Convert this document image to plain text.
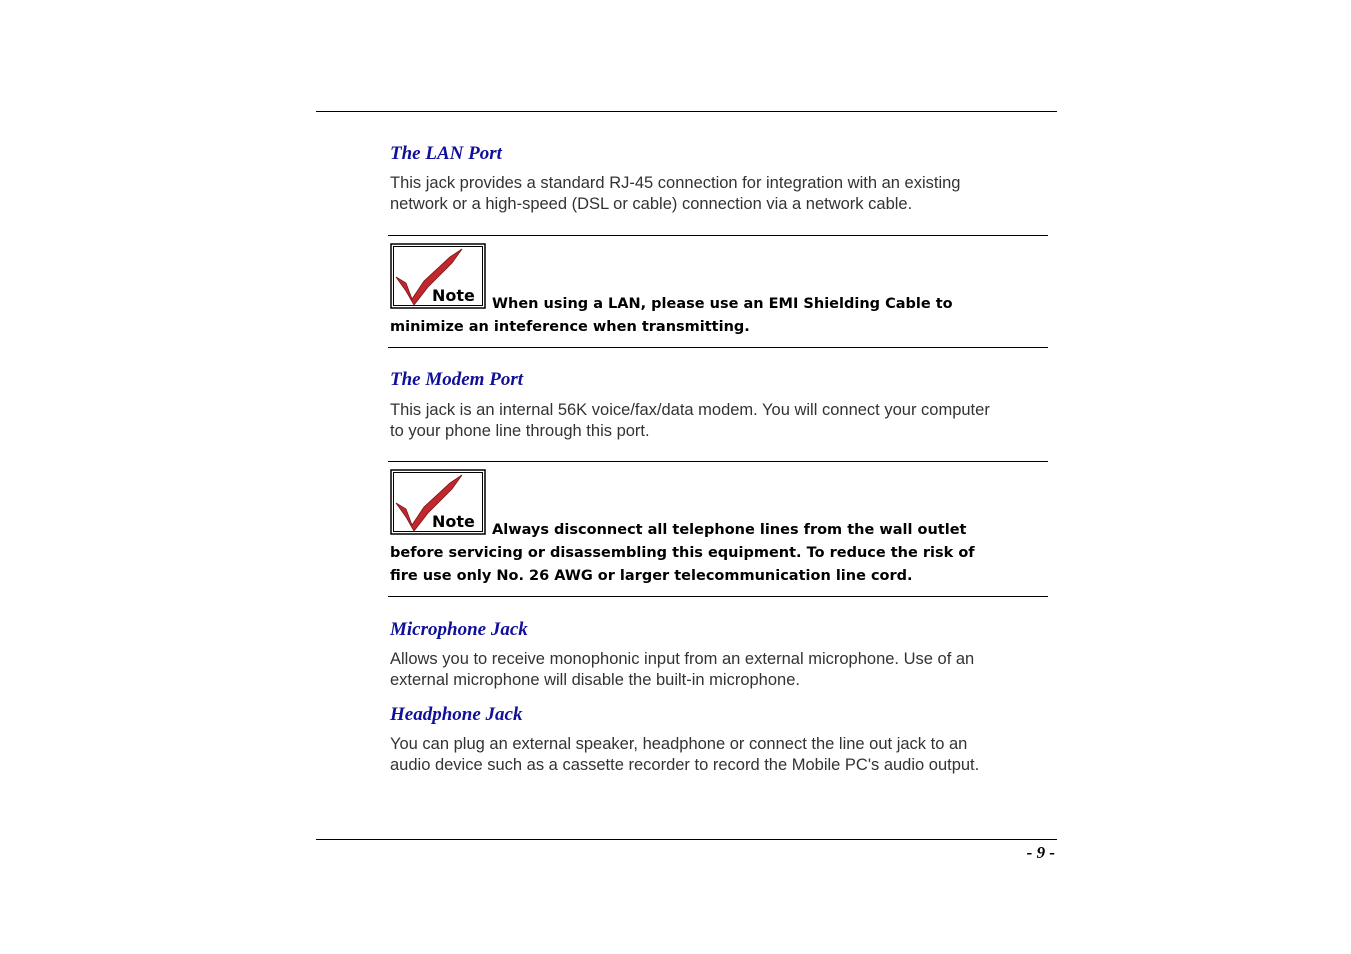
The LAN Port

This jack provides a standard RJ-45 connection for integration with an existing
network or a high-speed (DSL or cable) connection via a network cable.

Note When using a LAN, please use an EMI Shielding Cable to

minimize an inteference when transmitting.

The Modem Port

This jack is an internal 56K voice/fax/data modem. You will connect your computer
to your phone line through this port.

Note Always disconnect all telephone lines from the wall outlet

before servicing or disassembling this equipment. To reduce the risk of

fire use only No. 26 AWG or larger telecommunication line cord.

Microphone Jack

Allows you to receive monophonic input from an external microphone. Use of an
external microphone will disable the built-in microphone.

Headphone Jack

You can plug an external speaker, headphone or connect the line out jack to an
audio device such as a cassette recorder to record the Mobile PC's audio output.

- 9 -
